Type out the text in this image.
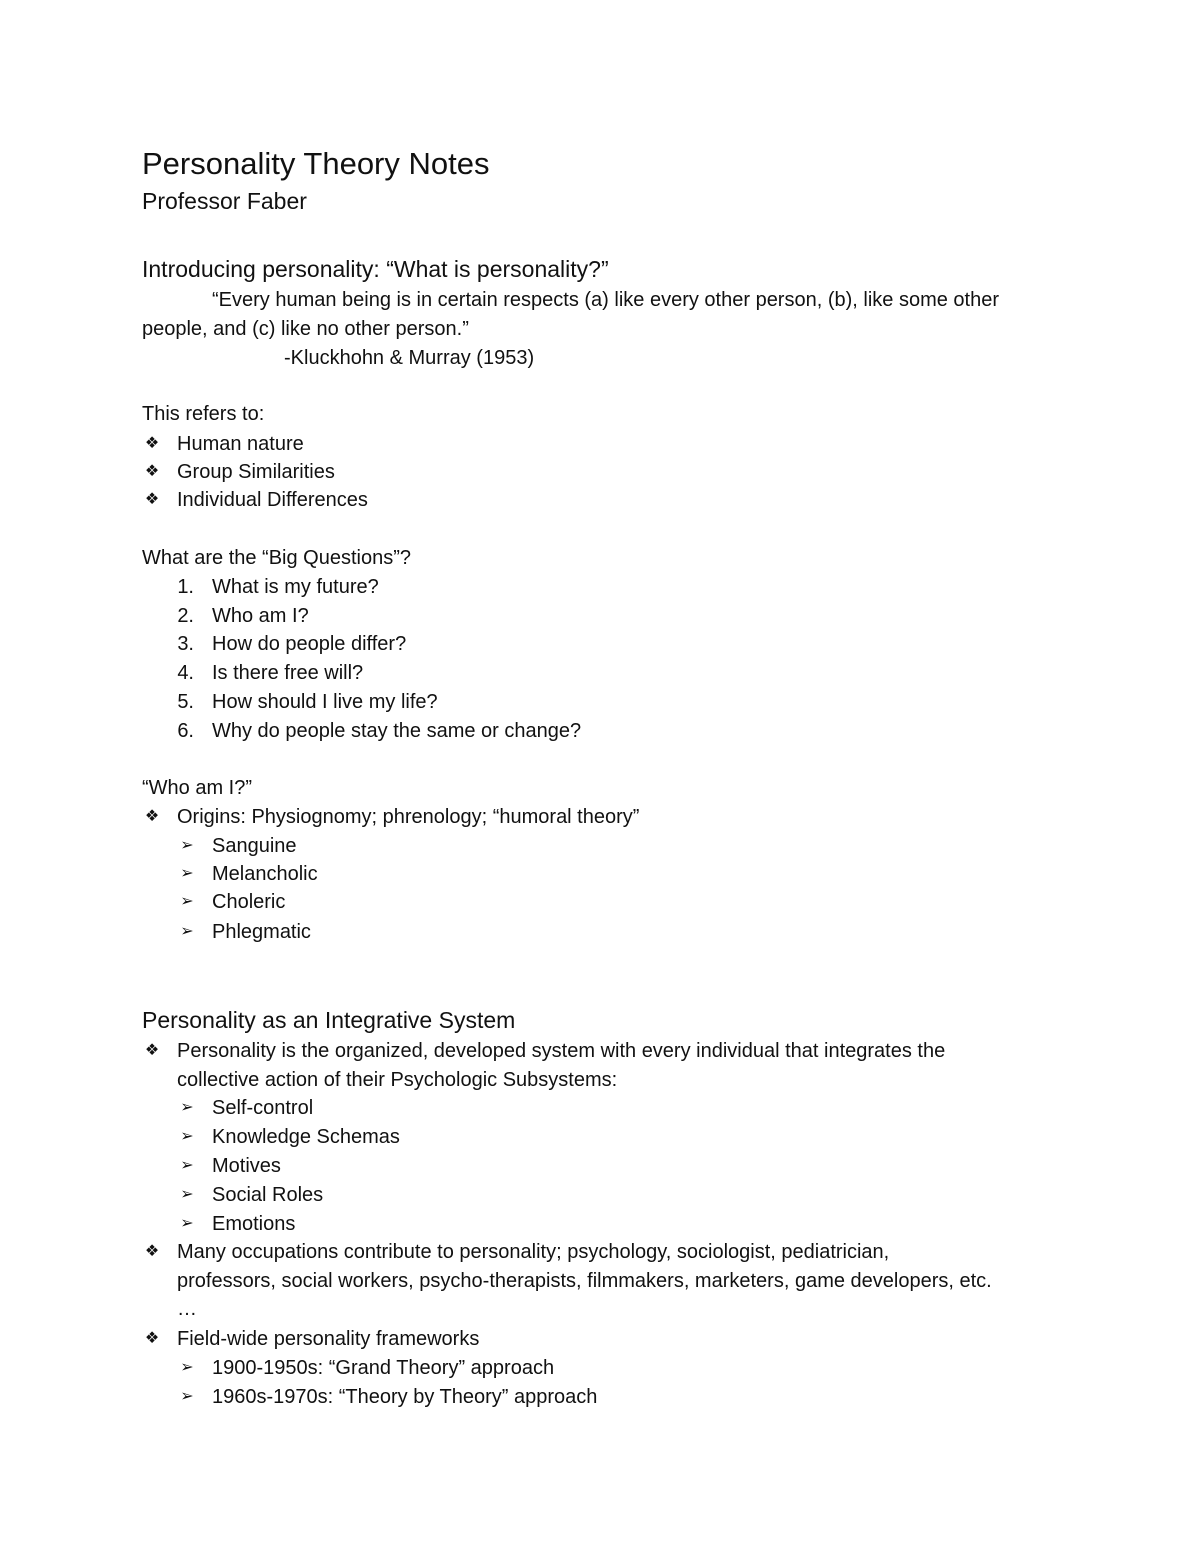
Personality Theory Notes
Professor Faber
Introducing personality: “What is personality?”
“Every human being is in certain respects (a) like every other person, (b), like some other
people, and (c) like no other person.”
-Kluckhohn & Murray (1953)
This refers to:
❖ Human nature
❖ Group Similarities
❖ Individual Differences
What are the “Big Questions”?
1. What is my future?
2. Who am I?
3. How do people differ?
4. Is there free will?
5. How should I live my life?
6. Why do people stay the same or change?
“Who am I?”
❖ Origins: Physiognomy; phrenology; “humoral theory”
➢ Sanguine
➢ Melancholic
➢ Choleric
➢ Phlegmatic
Personality as an Integrative System
❖ Personality is the organized, developed system with every individual that integrates the
collective action of their Psychologic Subsystems:
➢ Self-control
➢ Knowledge Schemas
➢ Motives
➢ Social Roles
➢ Emotions
❖ Many occupations contribute to personality; psychology, sociologist, pediatrician,
professors, social workers, psycho-therapists, filmmakers, marketers, game developers, etc.
…
❖ Field-wide personality frameworks
➢ 1900-1950s: “Grand Theory” approach
➢ 1960s-1970s: “Theory by Theory” approach
